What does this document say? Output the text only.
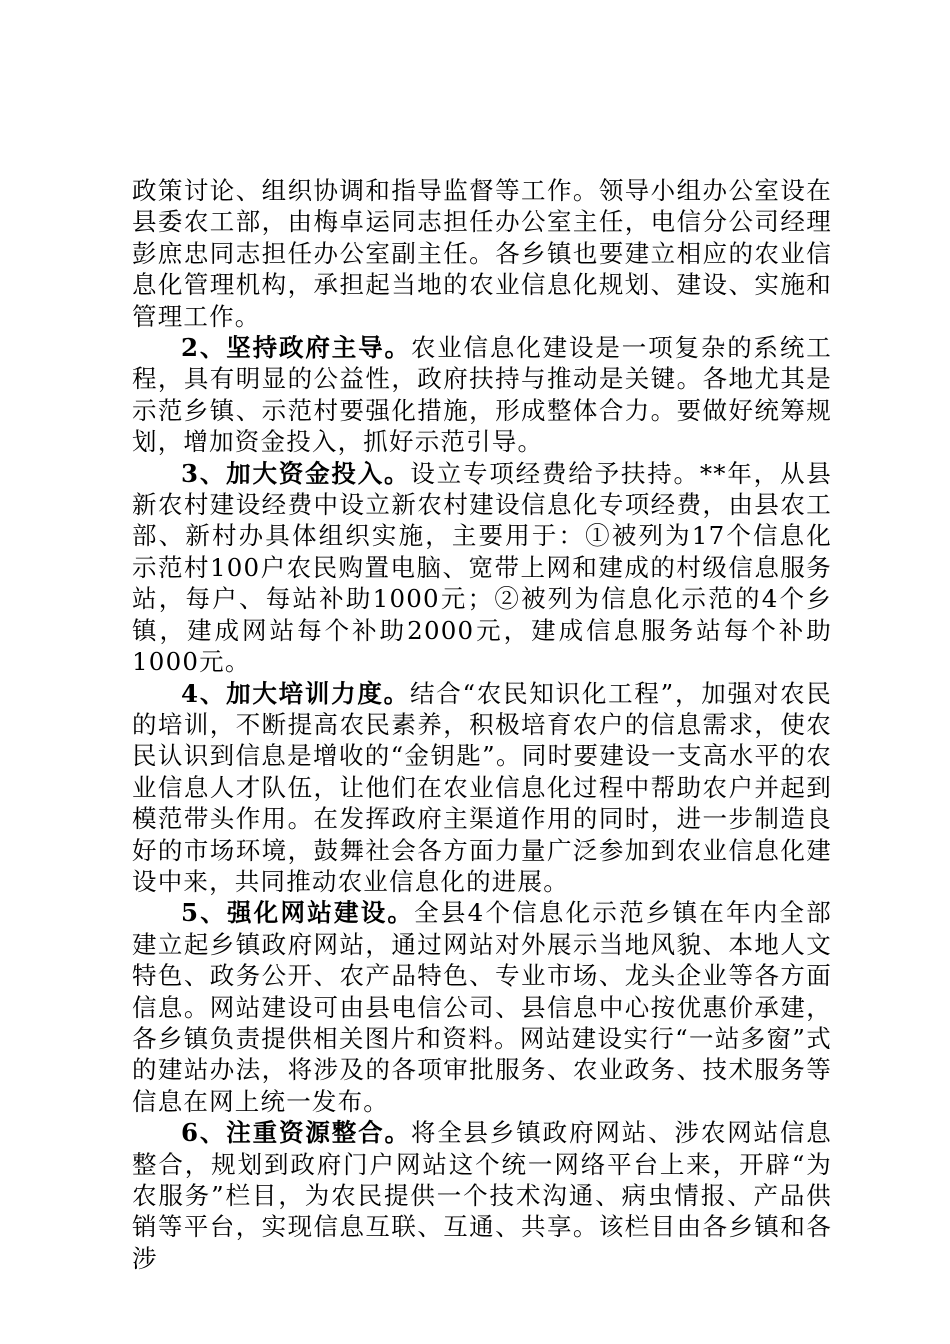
政策讨论、组织协调和指导监督等工作。领导小组办公室设在县委农工部，由梅卓运同志担任办公室主任，电信分公司经理彭庶忠同志担任办公室副主任。各乡镇也要建立相应的农业信息化管理机构，承担起当地的农业信息化规划、建设、实施和管理工作。

2、坚持政府主导。农业信息化建设是一项复杂的系统工程，具有明显的公益性，政府扶持与推动是关键。各地尤其是示范乡镇、示范村要强化措施，形成整体合力。要做好统筹规划，增加资金投入，抓好示范引导。

3、加大资金投入。设立专项经费给予扶持。**年，从县新农村建设经费中设立新农村建设信息化专项经费，由县农工部、新村办具体组织实施，主要用于：①被列为17个信息化示范村100户农民购置电脑、宽带上网和建成的村级信息服务站，每户、每站补助1000元；②被列为信息化示范的4个乡镇，建成网站每个补助2000元，建成信息服务站每个补助1000元。

4、加大培训力度。结合“农民知识化工程”，加强对农民的培训，不断提高农民素养，积极培育农户的信息需求，使农民认识到信息是增收的“金钥匙”。同时要建设一支高水平的农业信息人才队伍，让他们在农业信息化过程中帮助农户并起到模范带头作用。在发挥政府主渠道作用的同时，进一步制造良好的市场环境，鼓舞社会各方面力量广泛参加到农业信息化建设中来，共同推动农业信息化的进展。

5、强化网站建设。全县4个信息化示范乡镇在年内全部建立起乡镇政府网站，通过网站对外展示当地风貌、本地人文特色、政务公开、农产品特色、专业市场、龙头企业等各方面信息。网站建设可由县电信公司、县信息中心按优惠价承建，各乡镇负责提供相关图片和资料。网站建设实行“一站多窗”式的建站办法，将涉及的各项审批服务、农业政务、技术服务等信息在网上统一发布。

6、注重资源整合。将全县乡镇政府网站、涉农网站信息整合，规划到政府门户网站这个统一网络平台上来，开辟“为农服务”栏目，为农民提供一个技术沟通、病虫情报、产品供销等平台，实现信息互联、互通、共享。该栏目由各乡镇和各涉
